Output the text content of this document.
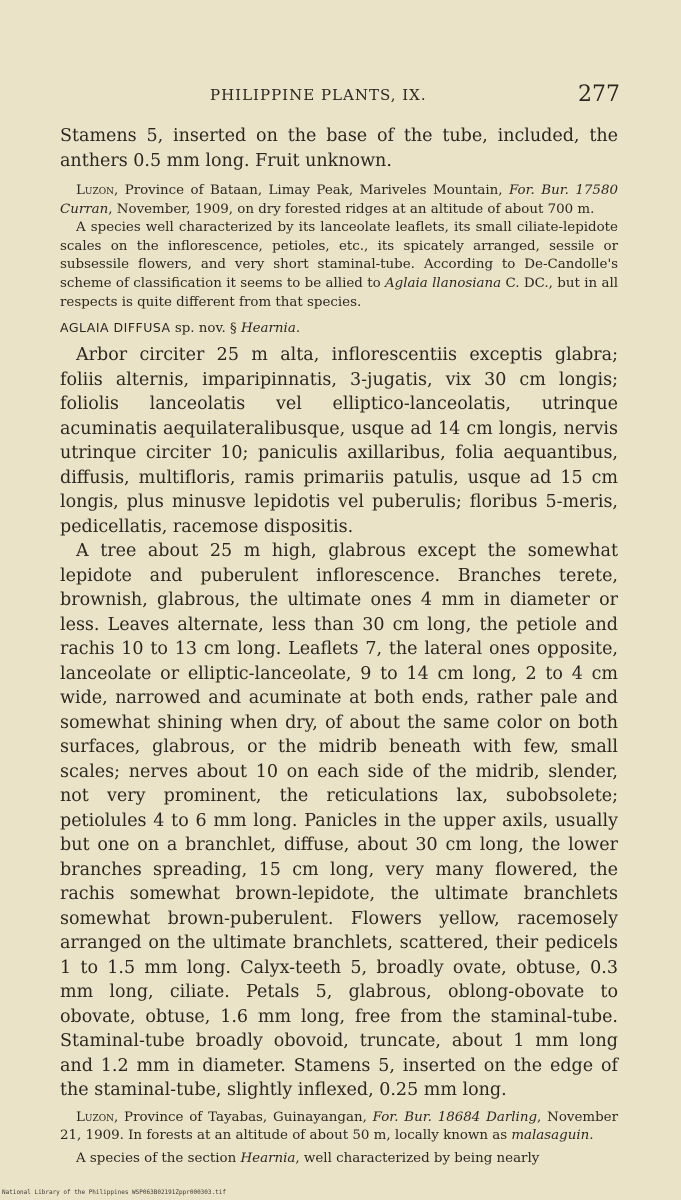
PHILIPPINE PLANTS, IX.	277

Stamens 5, inserted on the base of the tube, included, the anthers 0.5 mm long. Fruit unknown.

Luzon, Province of Bataan, Limay Peak, Mariveles Mountain, For. Bur. 17580 Curran, November, 1909, on dry forested ridges at an altitude of about 700 m.

A species well characterized by its lanceolate leaflets, its small ciliate-lepidote scales on the inflorescence, petioles, etc., its spicately arranged, sessile or subsessile flowers, and very short staminal-tube. According to De-Candolle's scheme of classification it seems to be allied to Aglaia llanosiana C. DC., but in all respects is quite different from that species.

AGLAIA DIFFUSA sp. nov. § Hearnia.

Arbor circiter 25 m alta, inflorescentiis exceptis glabra; foliis alternis, imparipinnatis, 3-jugatis, vix 30 cm longis; foliolis lanceolatis vel elliptico-lanceolatis, utrinque acuminatis aequilateralibusque, usque ad 14 cm longis, nervis utrinque circiter 10; paniculis axillaribus, folia aequantibus, diffusis, multifloris, ramis primariis patulis, usque ad 15 cm longis, plus minusve lepidotis vel puberulis; floribus 5-meris, pedicellatis, racemose dispositis.

A tree about 25 m high, glabrous except the somewhat lepidote and puberulent inflorescence. Branches terete, brownish, glabrous, the ultimate ones 4 mm in diameter or less. Leaves alternate, less than 30 cm long, the petiole and rachis 10 to 13 cm long. Leaflets 7, the lateral ones opposite, lanceolate or elliptic-lanceolate, 9 to 14 cm long, 2 to 4 cm wide, narrowed and acuminate at both ends, rather pale and somewhat shining when dry, of about the same color on both surfaces, glabrous, or the midrib beneath with few, small scales; nerves about 10 on each side of the midrib, slender, not very prominent, the reticulations lax, subobsolete; petiolules 4 to 6 mm long. Panicles in the upper axils, usually but one on a branchlet, diffuse, about 30 cm long, the lower branches spreading, 15 cm long, very many flowered, the rachis somewhat brown-lepidote, the ultimate branchlets somewhat brown-puberulent. Flowers yellow, racemosely arranged on the ultimate branchlets, scattered, their pedicels 1 to 1.5 mm long. Calyx-teeth 5, broadly ovate, obtuse, 0.3 mm long, ciliate. Petals 5, glabrous, oblong-obovate to obovate, obtuse, 1.6 mm long, free from the staminal-tube. Staminal-tube broadly obovoid, truncate, about 1 mm long and 1.2 mm in diameter. Stamens 5, inserted on the edge of the staminal-tube, slightly inflexed, 0.25 mm long.

Luzon, Province of Tayabas, Guinayangan, For. Bur. 18684 Darling, November 21, 1909. In forests at an altitude of about 50 m, locally known as malasaguin.

A species of the section Hearnia, well characterized by being nearly

National Library of the Philippines WSP063B02191Zppr000303.tif
